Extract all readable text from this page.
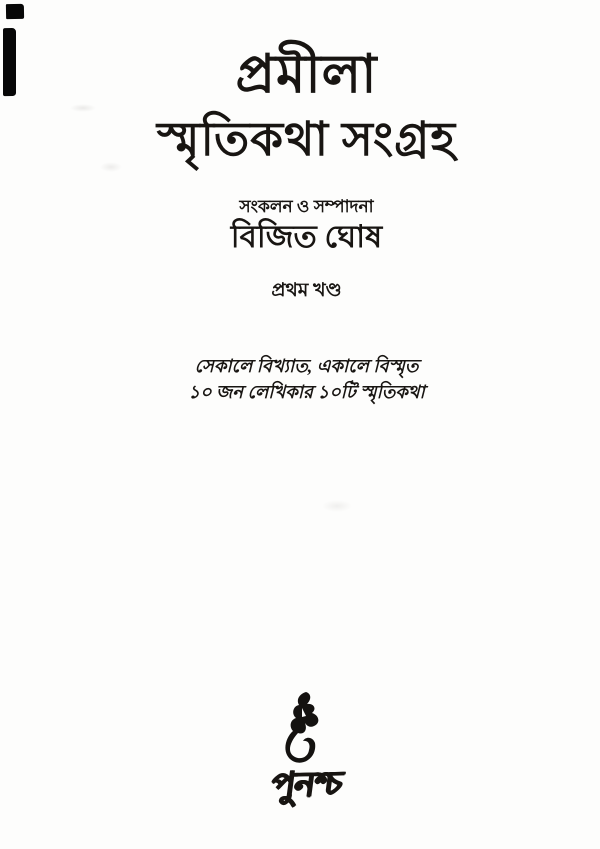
প্রমীলা
স্মৃতিকথা সংগ্রহ
সংকলন ও সম্পাদনা
বিজিত ঘোষ
প্রথম খণ্ড
সেকালে বিখ্যাত, একালে বিস্মৃত
১০ জন লেখিকার ১০টি স্মৃতিকথা
পুনশ্চ
